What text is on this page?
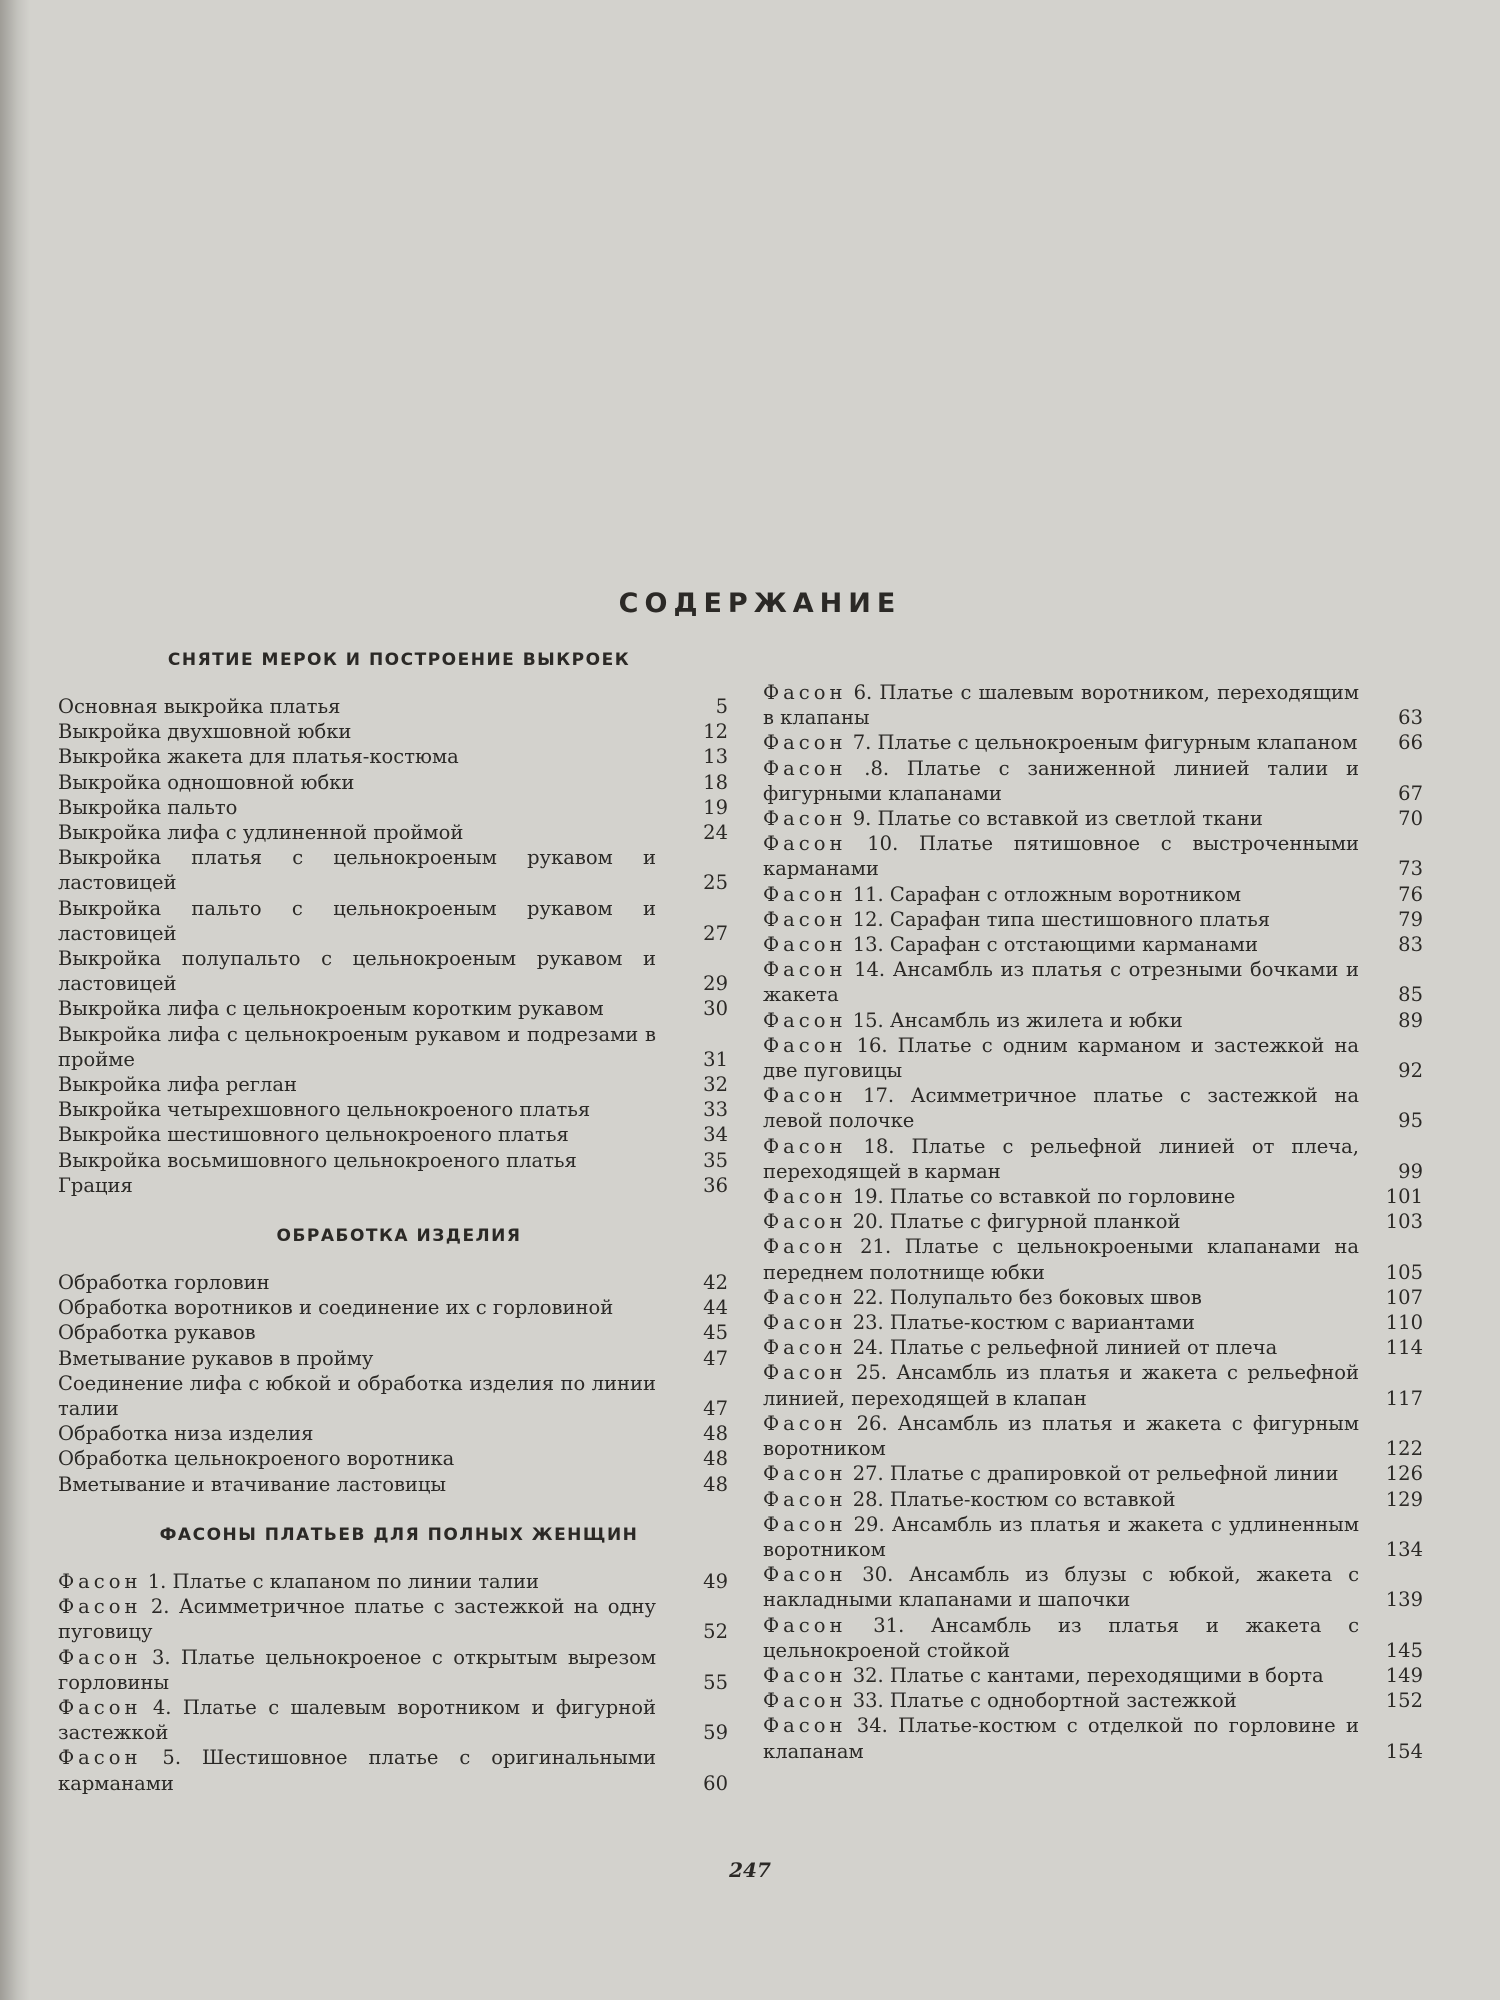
СОДЕРЖАНИЕ
СНЯТИЕ МЕРОК И ПОСТРОЕНИЕ ВЫКРОЕК
Основная выкройка платья	5
Выкройка двухшовной юбки	12
Выкройка жакета для платья-костюма	13
Выкройка одношовной юбки	18
Выкройка пальто	19
Выкройка лифа с удлиненной проймой	24
Выкройка платья с цельнокроеным рукавом и ластовицей	25
Выкройка пальто с цельнокроеным рукавом и ластовицей	27
Выкройка полупальто с цельнокроеным рукавом и ластовицей	29
Выкройка лифа с цельнокроеным коротким рукавом	30
Выкройка лифа с цельнокроеным рукавом и подрезами в пройме	31
Выкройка лифа реглан	32
Выкройка четырехшовного цельнокроеного платья	33
Выкройка шестишовного цельнокроеного платья	34
Выкройка восьмишовного цельнокроеного платья	35
Грация	36
ОБРАБОТКА ИЗДЕЛИЯ
Обработка горловин	42
Обработка воротников и соединение их с горловиной	44
Обработка рукавов	45
Вметывание рукавов в пройму	47
Соединение лифа с юбкой и обработка изделия по линии талии	47
Обработка низа изделия	48
Обработка цельнокроеного воротника	48
Вметывание и втачивание ластовицы	48
ФАСОНЫ ПЛАТЬЕВ ДЛЯ ПОЛНЫХ ЖЕНЩИН
Фасон 1. Платье с клапаном по линии талии	49
Фасон 2. Асимметричное платье с застежкой на одну пуговицу	52
Фасон 3. Платье цельнокроеное с открытым вырезом горловины	55
Фасон 4. Платье с шалевым воротником и фигурной застежкой	59
Фасон 5. Шестишовное платье с оригинальными карманами	60
Фасон 6. Платье с шалевым воротником, переходящим в клапаны	63
Фасон 7. Платье с цельнокроеным фигурным клапаном	66
Фасон .8. Платье с заниженной линией талии и фигурными клапанами	67
Фасон 9. Платье со вставкой из светлой ткани	70
Фасон 10. Платье пятишовное с выстроченными карманами	73
Фасон 11. Сарафан с отложным воротником	76
Фасон 12. Сарафан типа шестишовного платья	79
Фасон 13. Сарафан с отстающими карманами	83
Фасон 14. Ансамбль из платья с отрезными бочками и жакета	85
Фасон 15. Ансамбль из жилета и юбки	89
Фасон 16. Платье с одним карманом и застежкой на две пуговицы	92
Фасон 17. Асимметричное платье с застежкой на левой полочке	95
Фасон 18. Платье с рельефной линией от плеча, переходящей в карман	99
Фасон 19. Платье со вставкой по горловине	101
Фасон 20. Платье с фигурной планкой	103
Фасон 21. Платье с цельнокроеными клапанами на переднем полотнище юбки	105
Фасон 22. Полупальто без боковых швов	107
Фасон 23. Платье-костюм с вариантами	110
Фасон 24. Платье с рельефной линией от плеча	114
Фасон 25. Ансамбль из платья и жакета с рельефной линией, переходящей в клапан	117
Фасон 26. Ансамбль из платья и жакета с фигурным воротником	122
Фасон 27. Платье с драпировкой от рельефной линии	126
Фасон 28. Платье-костюм со вставкой	129
Фасон 29. Ансамбль из платья и жакета с удлиненным воротником	134
Фасон 30. Ансамбль из блузы с юбкой, жакета с накладными клапанами и шапочки	139
Фасон 31. Ансамбль из платья и жакета с цельнокроеной стойкой	145
Фасон 32. Платье с кантами, переходящими в борта	149
Фасон 33. Платье с однобортной застежкой	152
Фасон 34. Платье-костюм с отделкой по горловине и клапанам	154
247
